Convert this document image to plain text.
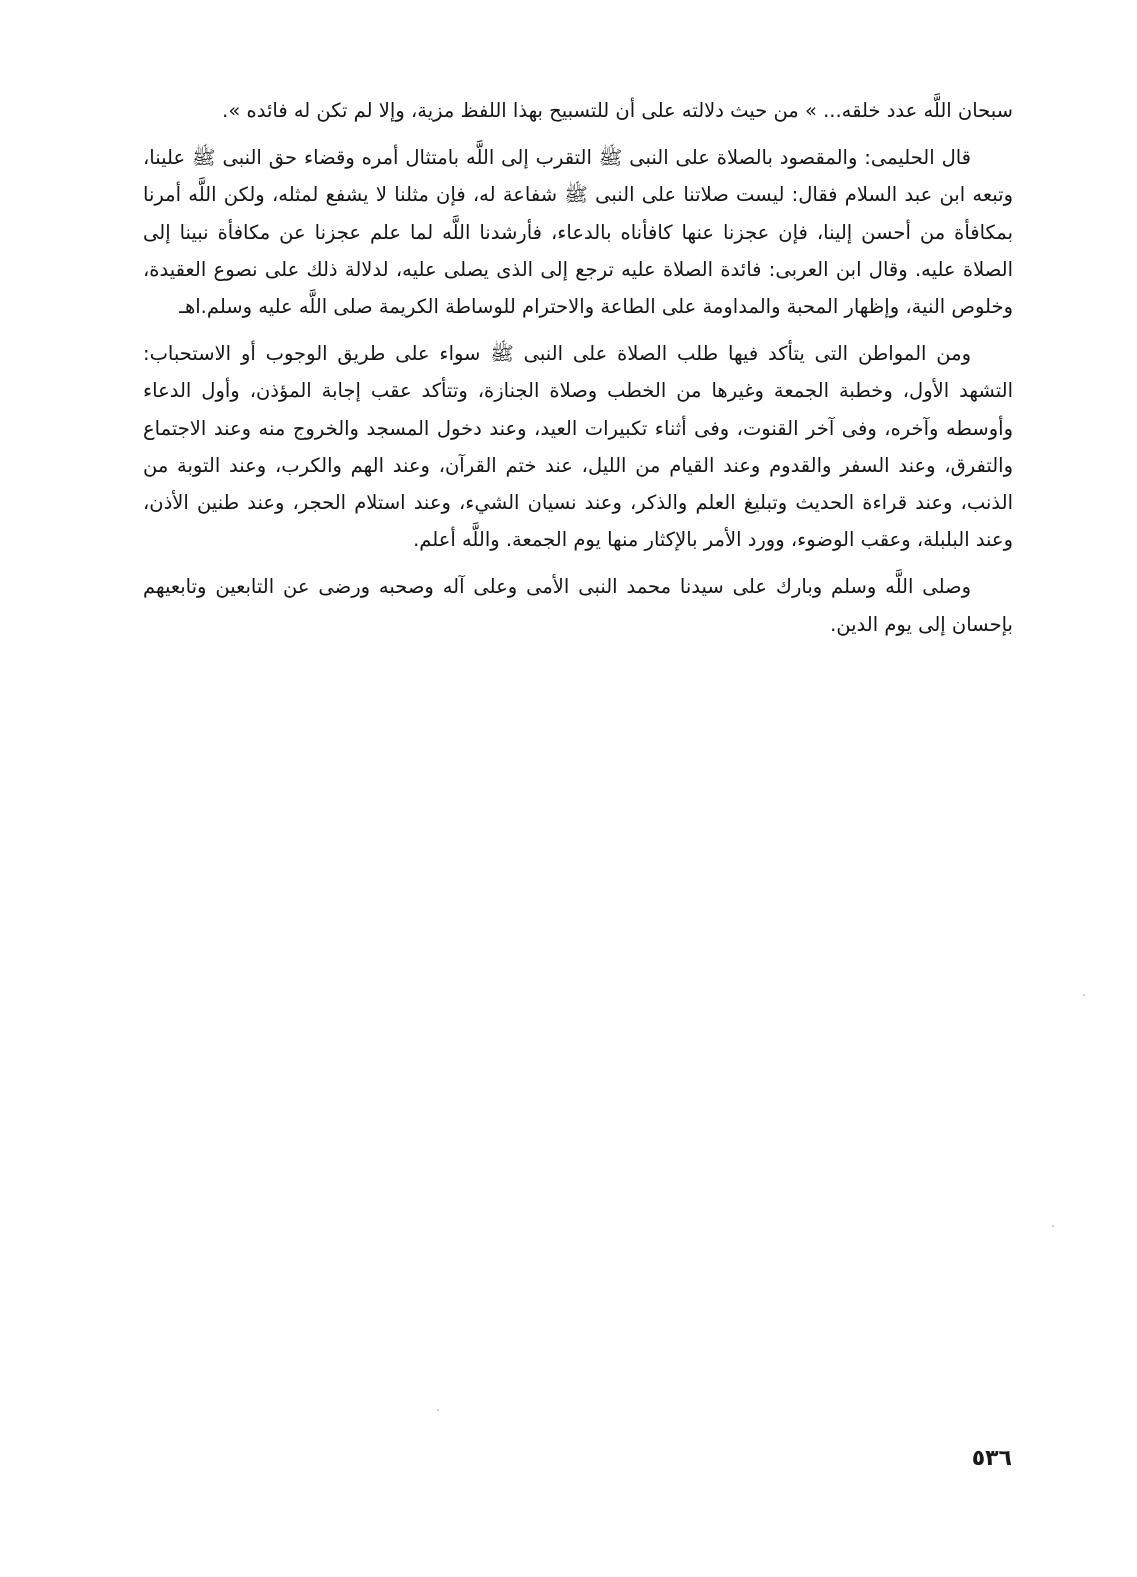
سبحان اللَّه عدد خلقه... » من حيث دلالته على أن للتسبيح بهذا اللفظ مزية، وإلا لم تكن له فائده ».

قال الحليمى: والمقصود بالصلاة على النبى ﷺ التقرب إلى اللَّه بامتثال أمره وقضاء حق النبى ﷺ علينا، وتبعه ابن عبد السلام فقال: ليست صلاتنا على النبى ﷺ شفاعة له، فإن مثلنا لا يشفع لمثله، ولكن اللَّه أمرنا بمكافأة من أحسن إلينا، فإن عجزنا عنها كافأناه بالدعاء، فأرشدنا اللَّه لما علم عجزنا عن مكافأة نبينا إلى الصلاة عليه. وقال ابن العربى: فائدة الصلاة عليه ترجع إلى الذى يصلى عليه، لدلالة ذلك على نصوع العقيدة، وخلوص النية، وإظهار المحبة والمداومة على الطاعة والاحترام للوساطة الكريمة صلى اللَّه عليه وسلم.اهـ

ومن المواطن التى يتأكد فيها طلب الصلاة على النبى ﷺ سواء على طريق الوجوب أو الاستحباب: التشهد الأول، وخطبة الجمعة وغيرها من الخطب وصلاة الجنازة، وتتأكد عقب إجابة المؤذن، وأول الدعاء وأوسطه وآخره، وفى آخر القنوت، وفى أثناء تكبيرات العيد، وعند دخول المسجد والخروج منه وعند الاجتماع والتفرق، وعند السفر والقدوم وعند القيام من الليل، عند ختم القرآن، وعند الهم والكرب، وعند التوبة من الذنب، وعند قراءة الحديث وتبليغ العلم والذكر، وعند نسيان الشيء، وعند استلام الحجر، وعند طنين الأذن، وعند البلبلة، وعقب الوضوء، وورد الأمر بالإكثار منها يوم الجمعة. واللَّه أعلم.

وصلى اللَّه وسلم وبارك على سيدنا محمد النبى الأمى وعلى آله وصحبه ورضى عن التابعين وتابعيهم بإحسان إلى يوم الدين.

٥٣٦
